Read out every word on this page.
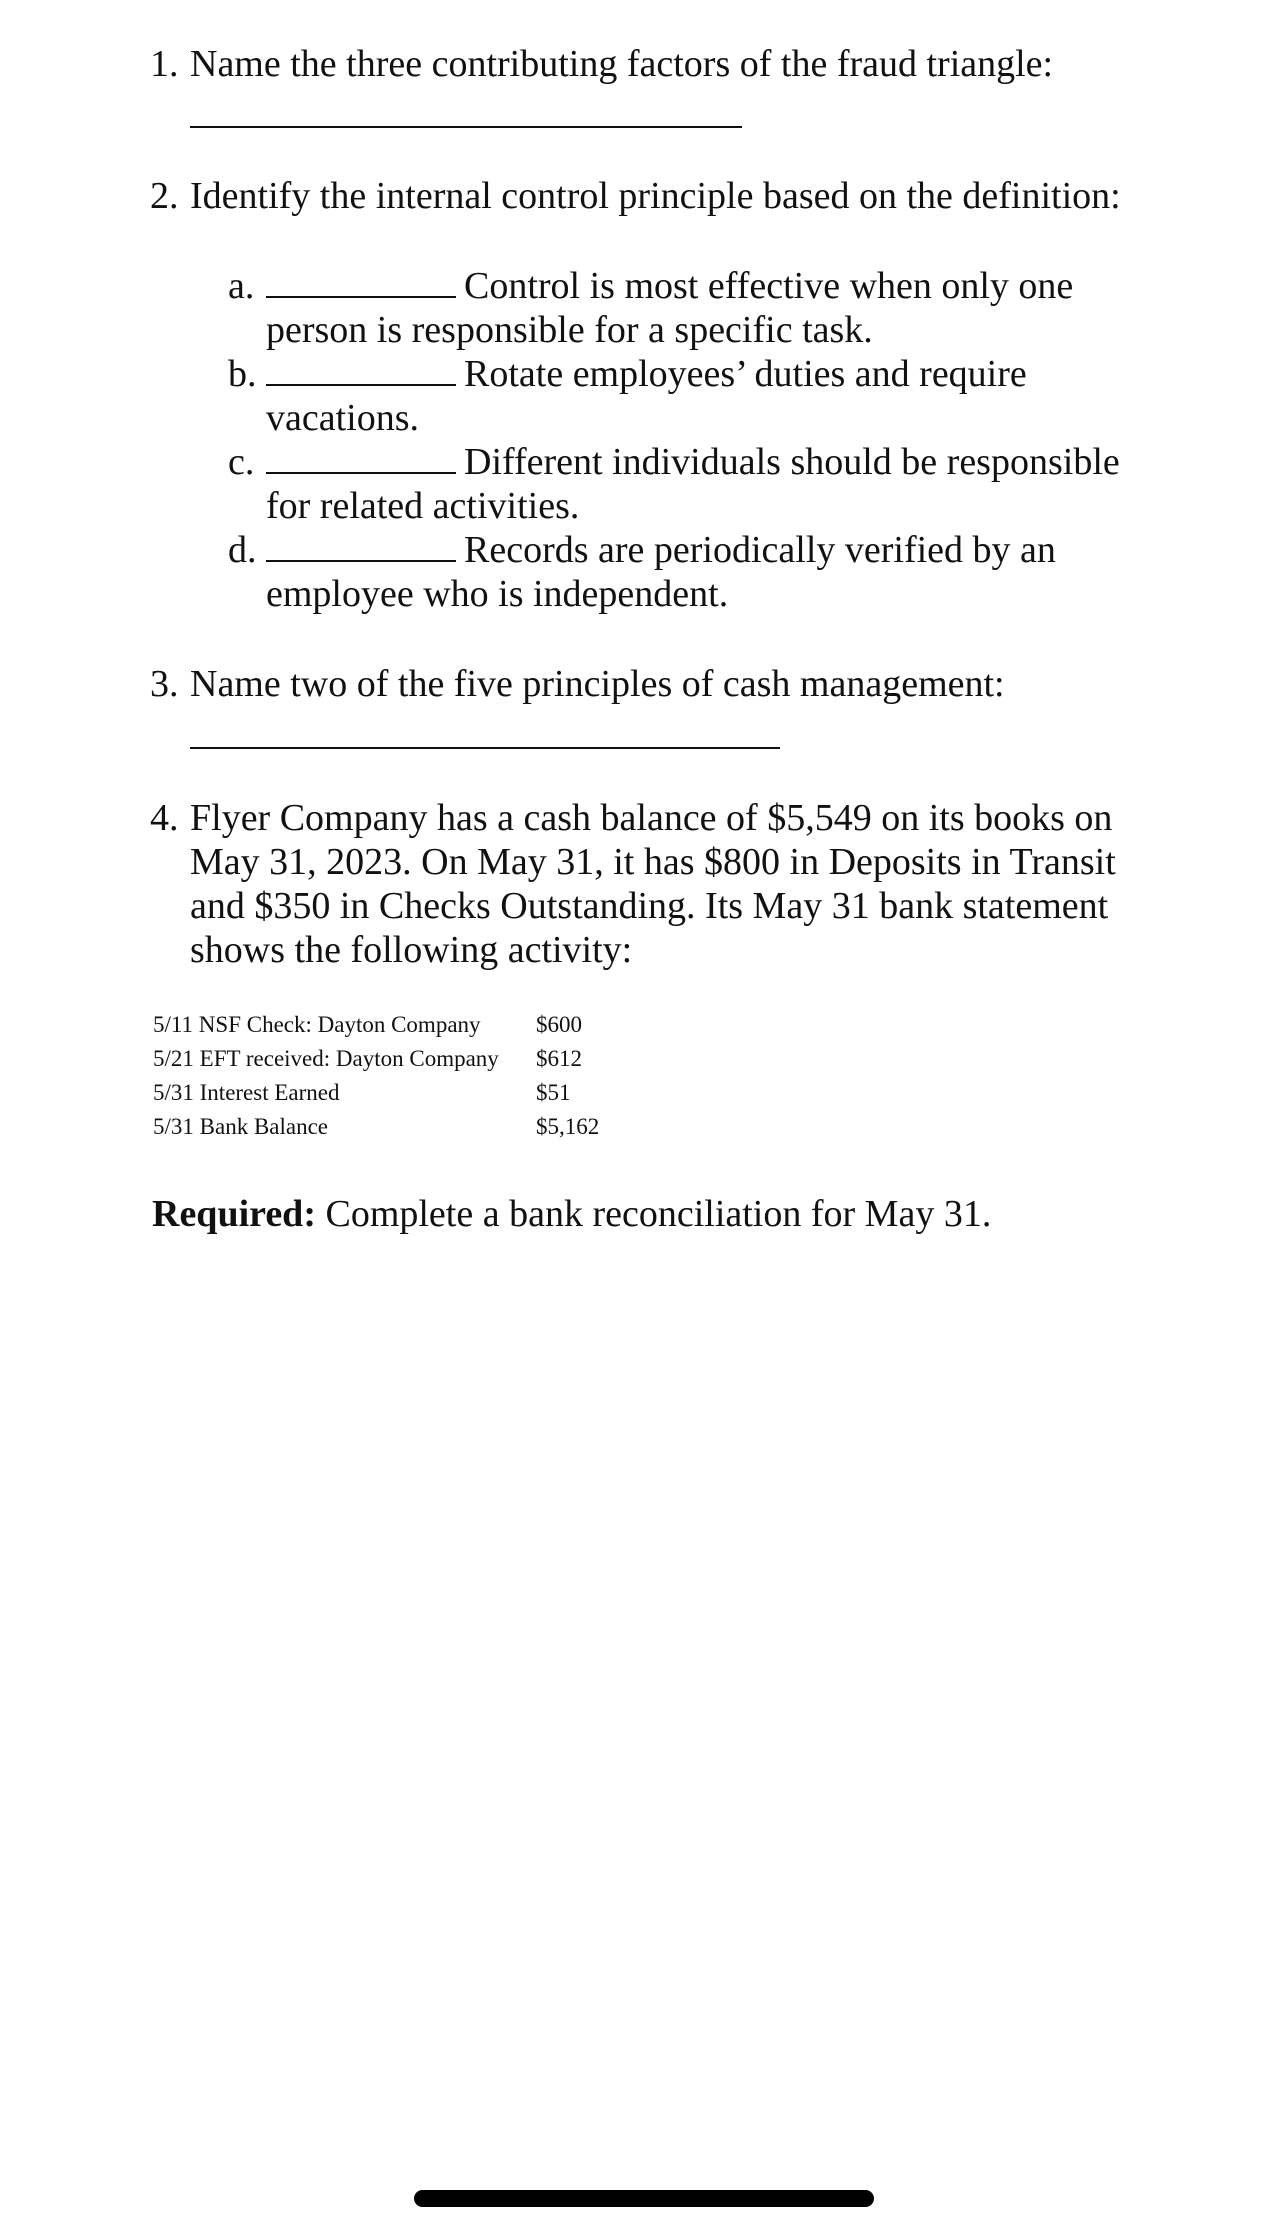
1. Name the three contributing factors of the fraud triangle:
2. Identify the internal control principle based on the definition:
a.	Control is most effective when only one person is responsible for a specific task.
b.	Rotate employees’ duties and require vacations.
c.	Different individuals should be responsible for related activities.
d.	Records are periodically verified by an employee who is independent.
3. Name two of the five principles of cash management:
4. Flyer Company has a cash balance of $5,549 on its books on May 31, 2023. On May 31, it has $800 in Deposits in Transit and $350 in Checks Outstanding. Its May 31 bank statement shows the following activity:
5/11 NSF Check: Dayton Company	$600
5/21 EFT received: Dayton Company	$612
5/31 Interest Earned	$51
5/31 Bank Balance	$5,162
Required: Complete a bank reconciliation for May 31.
